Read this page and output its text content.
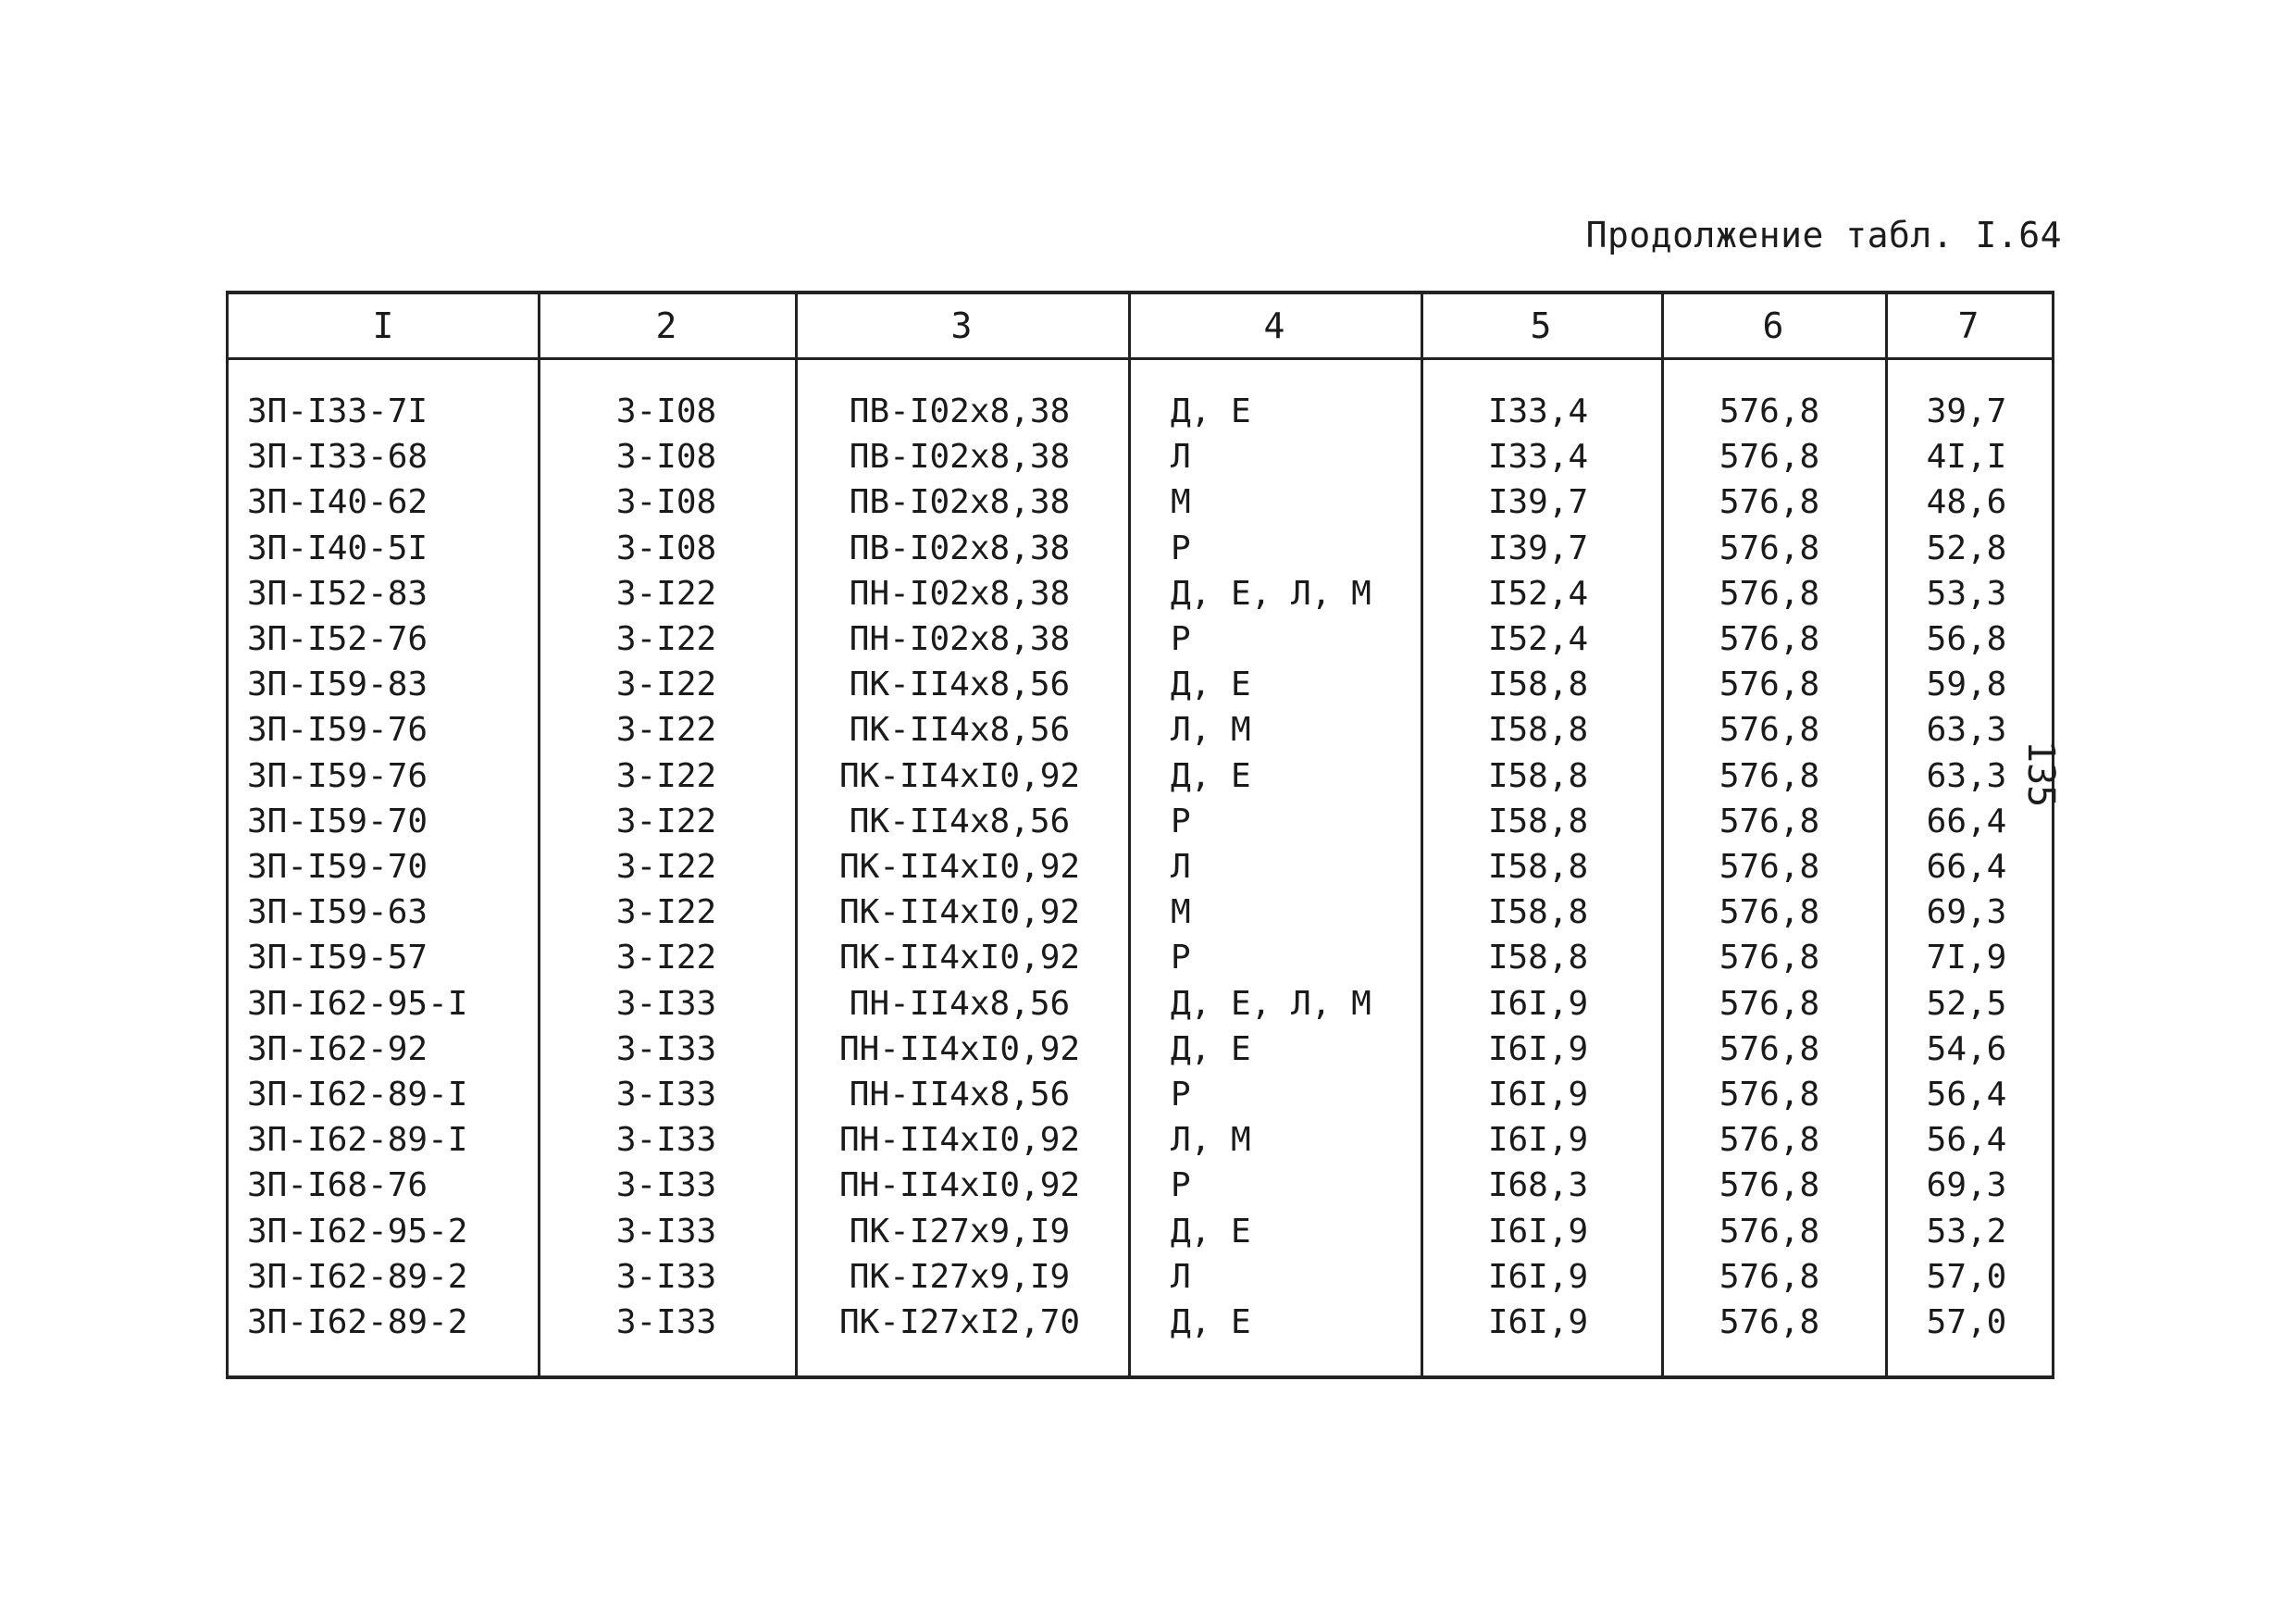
Продолжение табл. I.64
I	2	3	4	5	6	7
3П-I33-7I	3-I08	ПВ-I02х8,38	Д, Е	I33,4	576,8	39,7
3П-I33-68	3-I08	ПВ-I02х8,38	Л	I33,4	576,8	4I,I
3П-I40-62	3-I08	ПВ-I02х8,38	М	I39,7	576,8	48,6
3П-I40-5I	3-I08	ПВ-I02х8,38	Р	I39,7	576,8	52,8
3П-I52-83	3-I22	ПН-I02х8,38	Д, Е, Л, М	I52,4	576,8	53,3
3П-I52-76	3-I22	ПН-I02х8,38	Р	I52,4	576,8	56,8
3П-I59-83	3-I22	ПК-II4х8,56	Д, Е	I58,8	576,8	59,8
3П-I59-76	3-I22	ПК-II4х8,56	Л, М	I58,8	576,8	63,3
3П-I59-76	3-I22	ПК-II4хI0,92	Д, Е	I58,8	576,8	63,3
3П-I59-70	3-I22	ПК-II4х8,56	Р	I58,8	576,8	66,4
3П-I59-70	3-I22	ПК-II4хI0,92	Л	I58,8	576,8	66,4
3П-I59-63	3-I22	ПК-II4хI0,92	М	I58,8	576,8	69,3
3П-I59-57	3-I22	ПК-II4хI0,92	Р	I58,8	576,8	7I,9
3П-I62-95-I	3-I33	ПН-II4х8,56	Д, Е, Л, М	I6I,9	576,8	52,5
3П-I62-92	3-I33	ПН-II4хI0,92	Д, Е	I6I,9	576,8	54,6
3П-I62-89-I	3-I33	ПН-II4х8,56	Р	I6I,9	576,8	56,4
3П-I62-89-I	3-I33	ПН-II4хI0,92	Л, М	I6I,9	576,8	56,4
3П-I68-76	3-I33	ПН-II4хI0,92	Р	I68,3	576,8	69,3
3П-I62-95-2	3-I33	ПК-I27х9,I9	Д, Е	I6I,9	576,8	53,2
3П-I62-89-2	3-I33	ПК-I27х9,I9	Л	I6I,9	576,8	57,0
3П-I62-89-2	3-I33	ПК-I27хI2,70	Д, Е	I6I,9	576,8	57,0
135
